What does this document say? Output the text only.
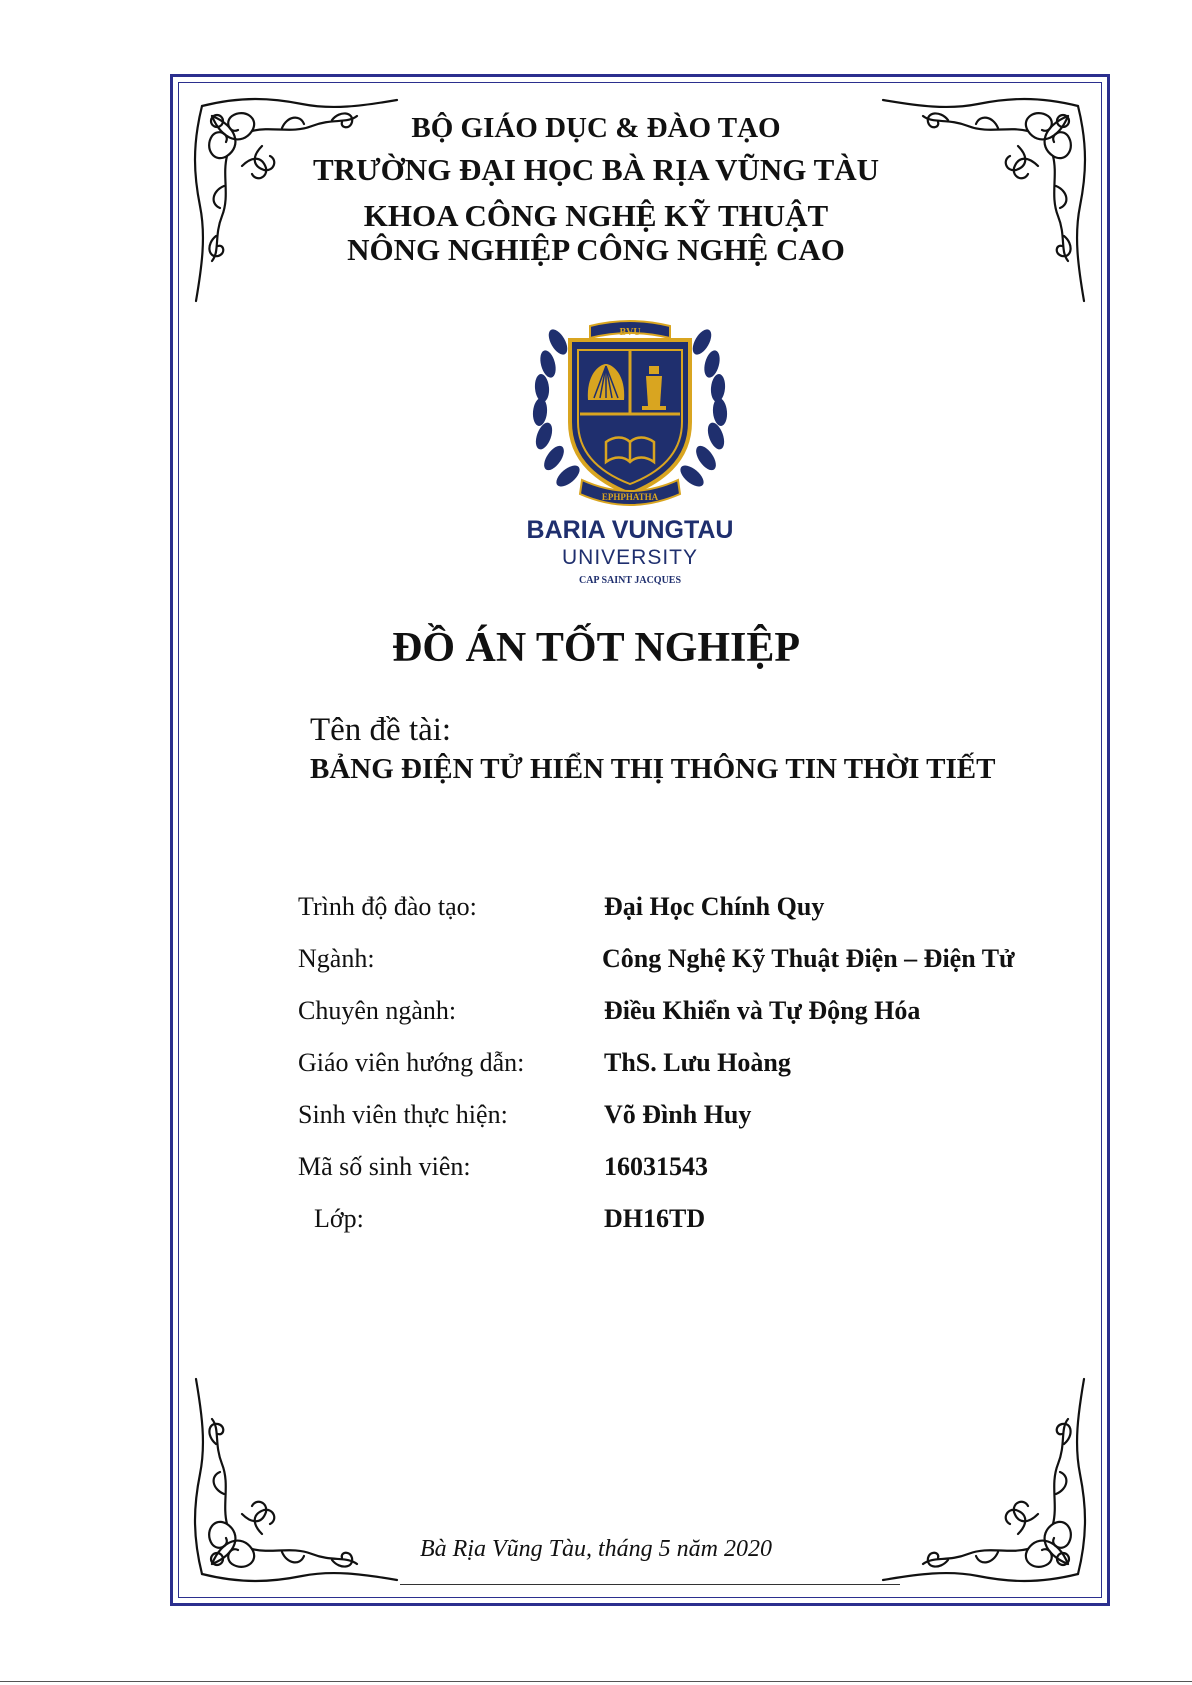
BỘ GIÁO DỤC & ĐÀO TẠO
TRƯỜNG ĐẠI HỌC BÀ RỊA VŨNG TÀU
KHOA CÔNG NGHỆ KỸ THUẬT
NÔNG NGHIỆP CÔNG NGHỆ CAO
BVU
EPHPHATHA
BARIA VUNGTAU
UNIVERSITY
CAP SAINT JACQUES
ĐỒ ÁN TỐT NGHIỆP
Tên đề tài:
BẢNG ĐIỆN TỬ HIỂN THỊ THÔNG TIN THỜI TIẾT
Trình độ đào tạo:	Đại Học Chính Quy
Ngành:	Công Nghệ Kỹ Thuật Điện – Điện Tử
Chuyên ngành:	Điều Khiển và Tự Động Hóa
Giáo viên hướng dẫn:	ThS. Lưu Hoàng
Sinh viên thực hiện:	Võ Đình Huy
Mã số sinh viên:	16031543
Lớp:	DH16TD
Bà Rịa Vũng Tàu, tháng 5 năm 2020
